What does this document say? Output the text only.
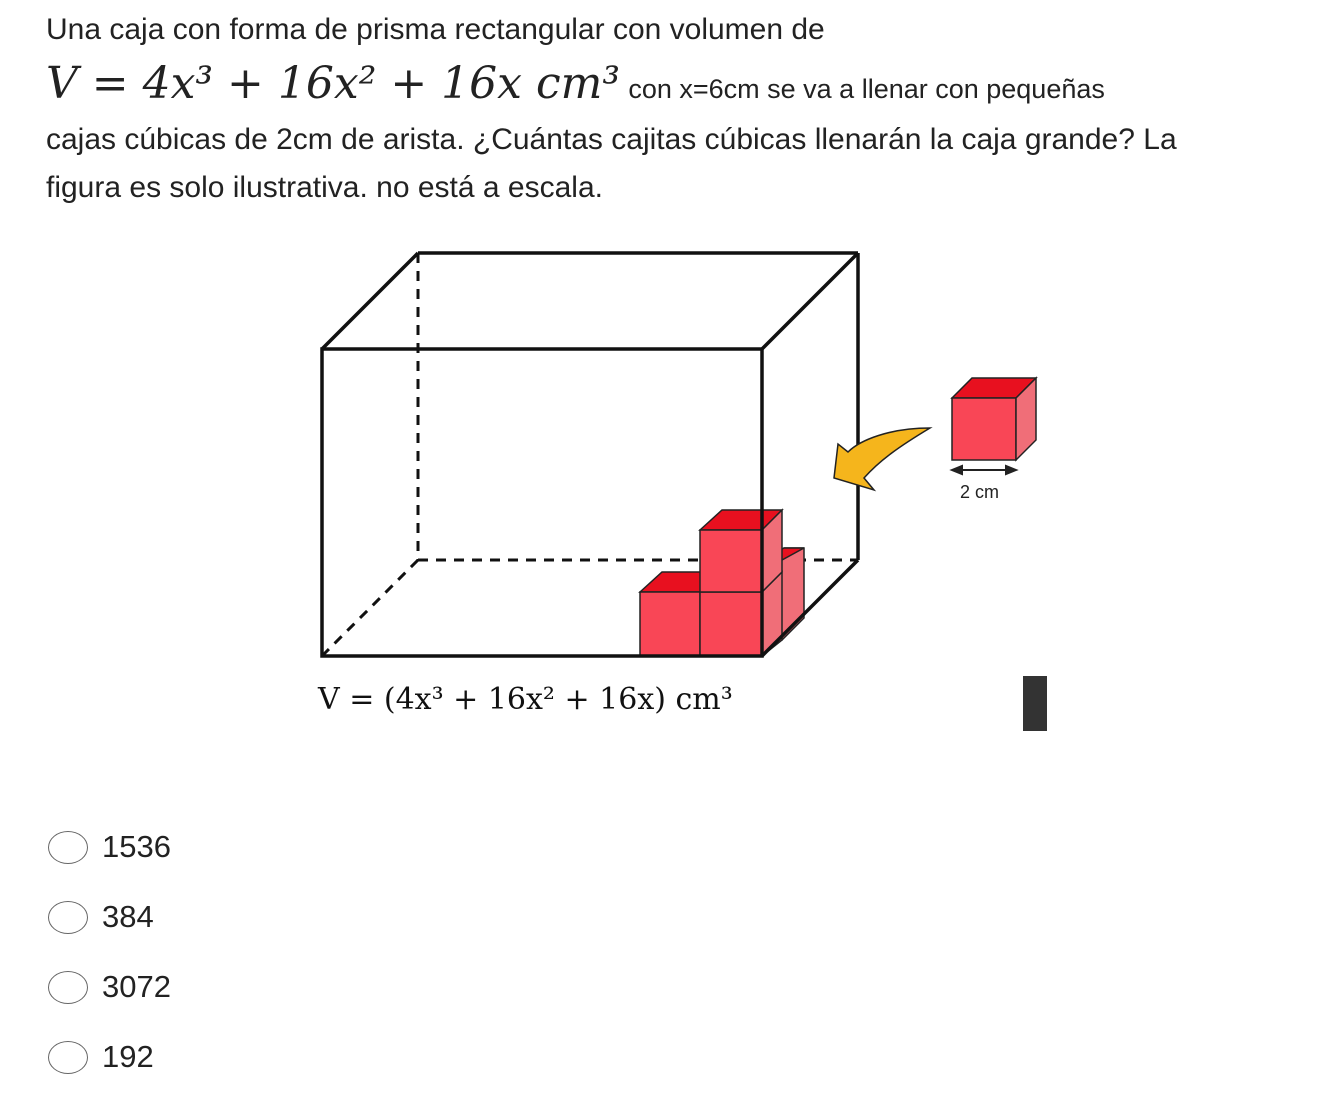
Una caja con forma de prisma rectangular con volumen de
V = 4x³ + 16x² + 16x cm³ con x=6cm se va a llenar con pequeñas
cajas cúbicas de 2cm de arista. ¿Cuántas cajitas cúbicas llenarán la caja grande? La
figura es solo ilustrativa. no está a escala.
2 cm
V = (4x³ + 16x² + 16x) cm³
1536
384
3072
192
